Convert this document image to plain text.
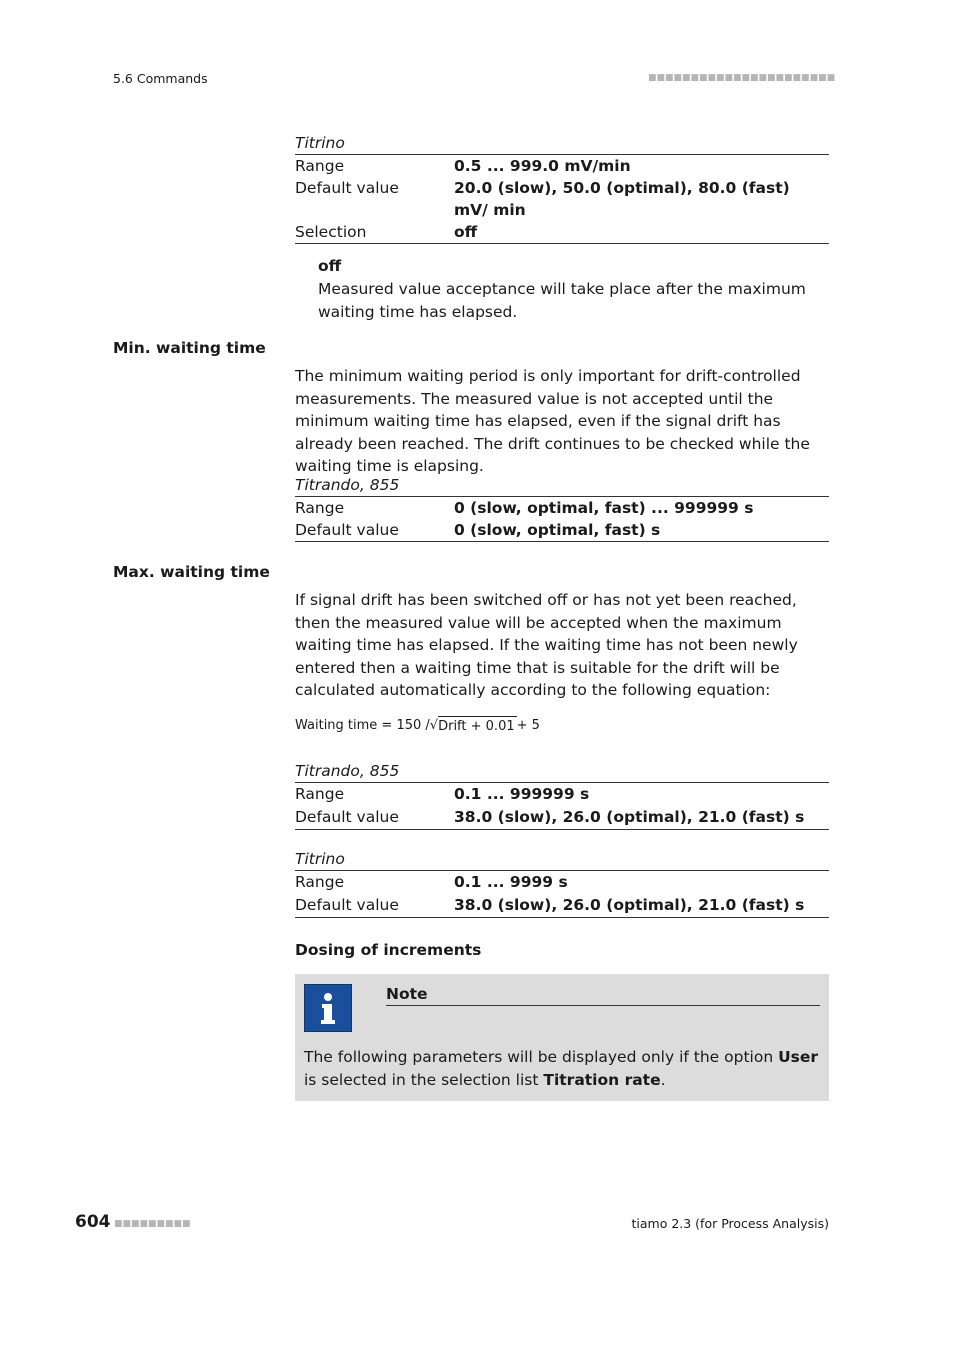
5.6 Commands	■■■■■■■■■■■■■■■■■■■■■■
Titrino
Range	0.5 ... 999.0 mV/min
Default value	20.0 (slow), 50.0 (optimal), 80.0 (fast) mV/ min
Selection	off
off
Measured value acceptance will take place after the maximum waiting time has elapsed.
Min. waiting time
The minimum waiting period is only important for drift-controlled measurements. The measured value is not accepted until the minimum waiting time has elapsed, even if the signal drift has already been reached. The drift continues to be checked while the waiting time is elapsing.
Titrando, 855
Range	0 (slow, optimal, fast) ... 999999 s
Default value	0 (slow, optimal, fast) s
Max. waiting time
If signal drift has been switched off or has not yet been reached, then the measured value will be accepted when the maximum waiting time has elapsed. If the waiting time has not been newly entered then a waiting time that is suitable for the drift will be calculated automatically according to the following equation:
Waiting time = 150 / √ Drift + 0.01 + 5
Titrando, 855
Range	0.1 ... 999999 s
Default value	38.0 (slow), 26.0 (optimal), 21.0 (fast) s
Titrino
Range	0.1 ... 9999 s
Default value	38.0 (slow), 26.0 (optimal), 21.0 (fast) s
Dosing of increments
Note
The following parameters will be displayed only if the option User is selected in the selection list Titration rate.
604 ■■■■■■■■■	tiamo 2.3 (for Process Analysis)
